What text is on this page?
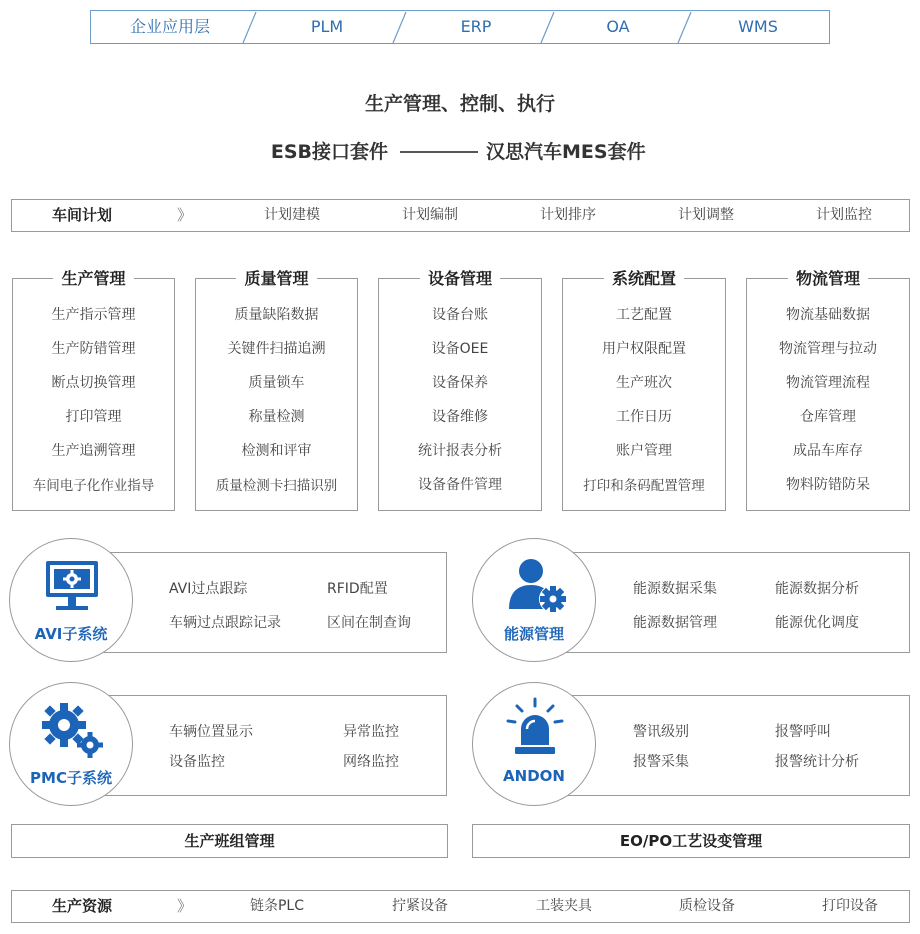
企业应用层	PLM	ERP	OA	WMS
生产管理、控制、执行
ESB接口套件	汉思汽车MES套件
车间计划	》	计划建模	计划编制	计划排序	计划调整	计划监控
生产管理
生产指示管理
生产防错管理
断点切换管理
打印管理
生产追溯管理
车间电子化作业指导
质量管理
质量缺陷数据
关键件扫描追溯
质量锁车
称量检测
检测和评审
质量检测卡扫描识别
设备管理
设备台账
设备OEE
设备保养
设备维修
统计报表分析
设备备件管理
系统配置
工艺配置
用户权限配置
生产班次
工作日历
账户管理
打印和条码配置管理
物流管理
物流基础数据
物流管理与拉动
物流管理流程
仓库管理
成品车库存
物料防错防呆
AVI过点跟踪	RFID配置
车辆过点跟踪记录	区间在制查询
AVI子系统
能源数据采集	能源数据分析
能源数据管理	能源优化调度
能源管理
车辆位置显示	异常监控
设备监控	网络监控
PMC子系统
警讯级别	报警呼叫
报警采集	报警统计分析
ANDON
生产班组管理	EO/PO工艺设变管理
生产资源	》	链条PLC	拧紧设备	工装夹具	质检设备	打印设备
